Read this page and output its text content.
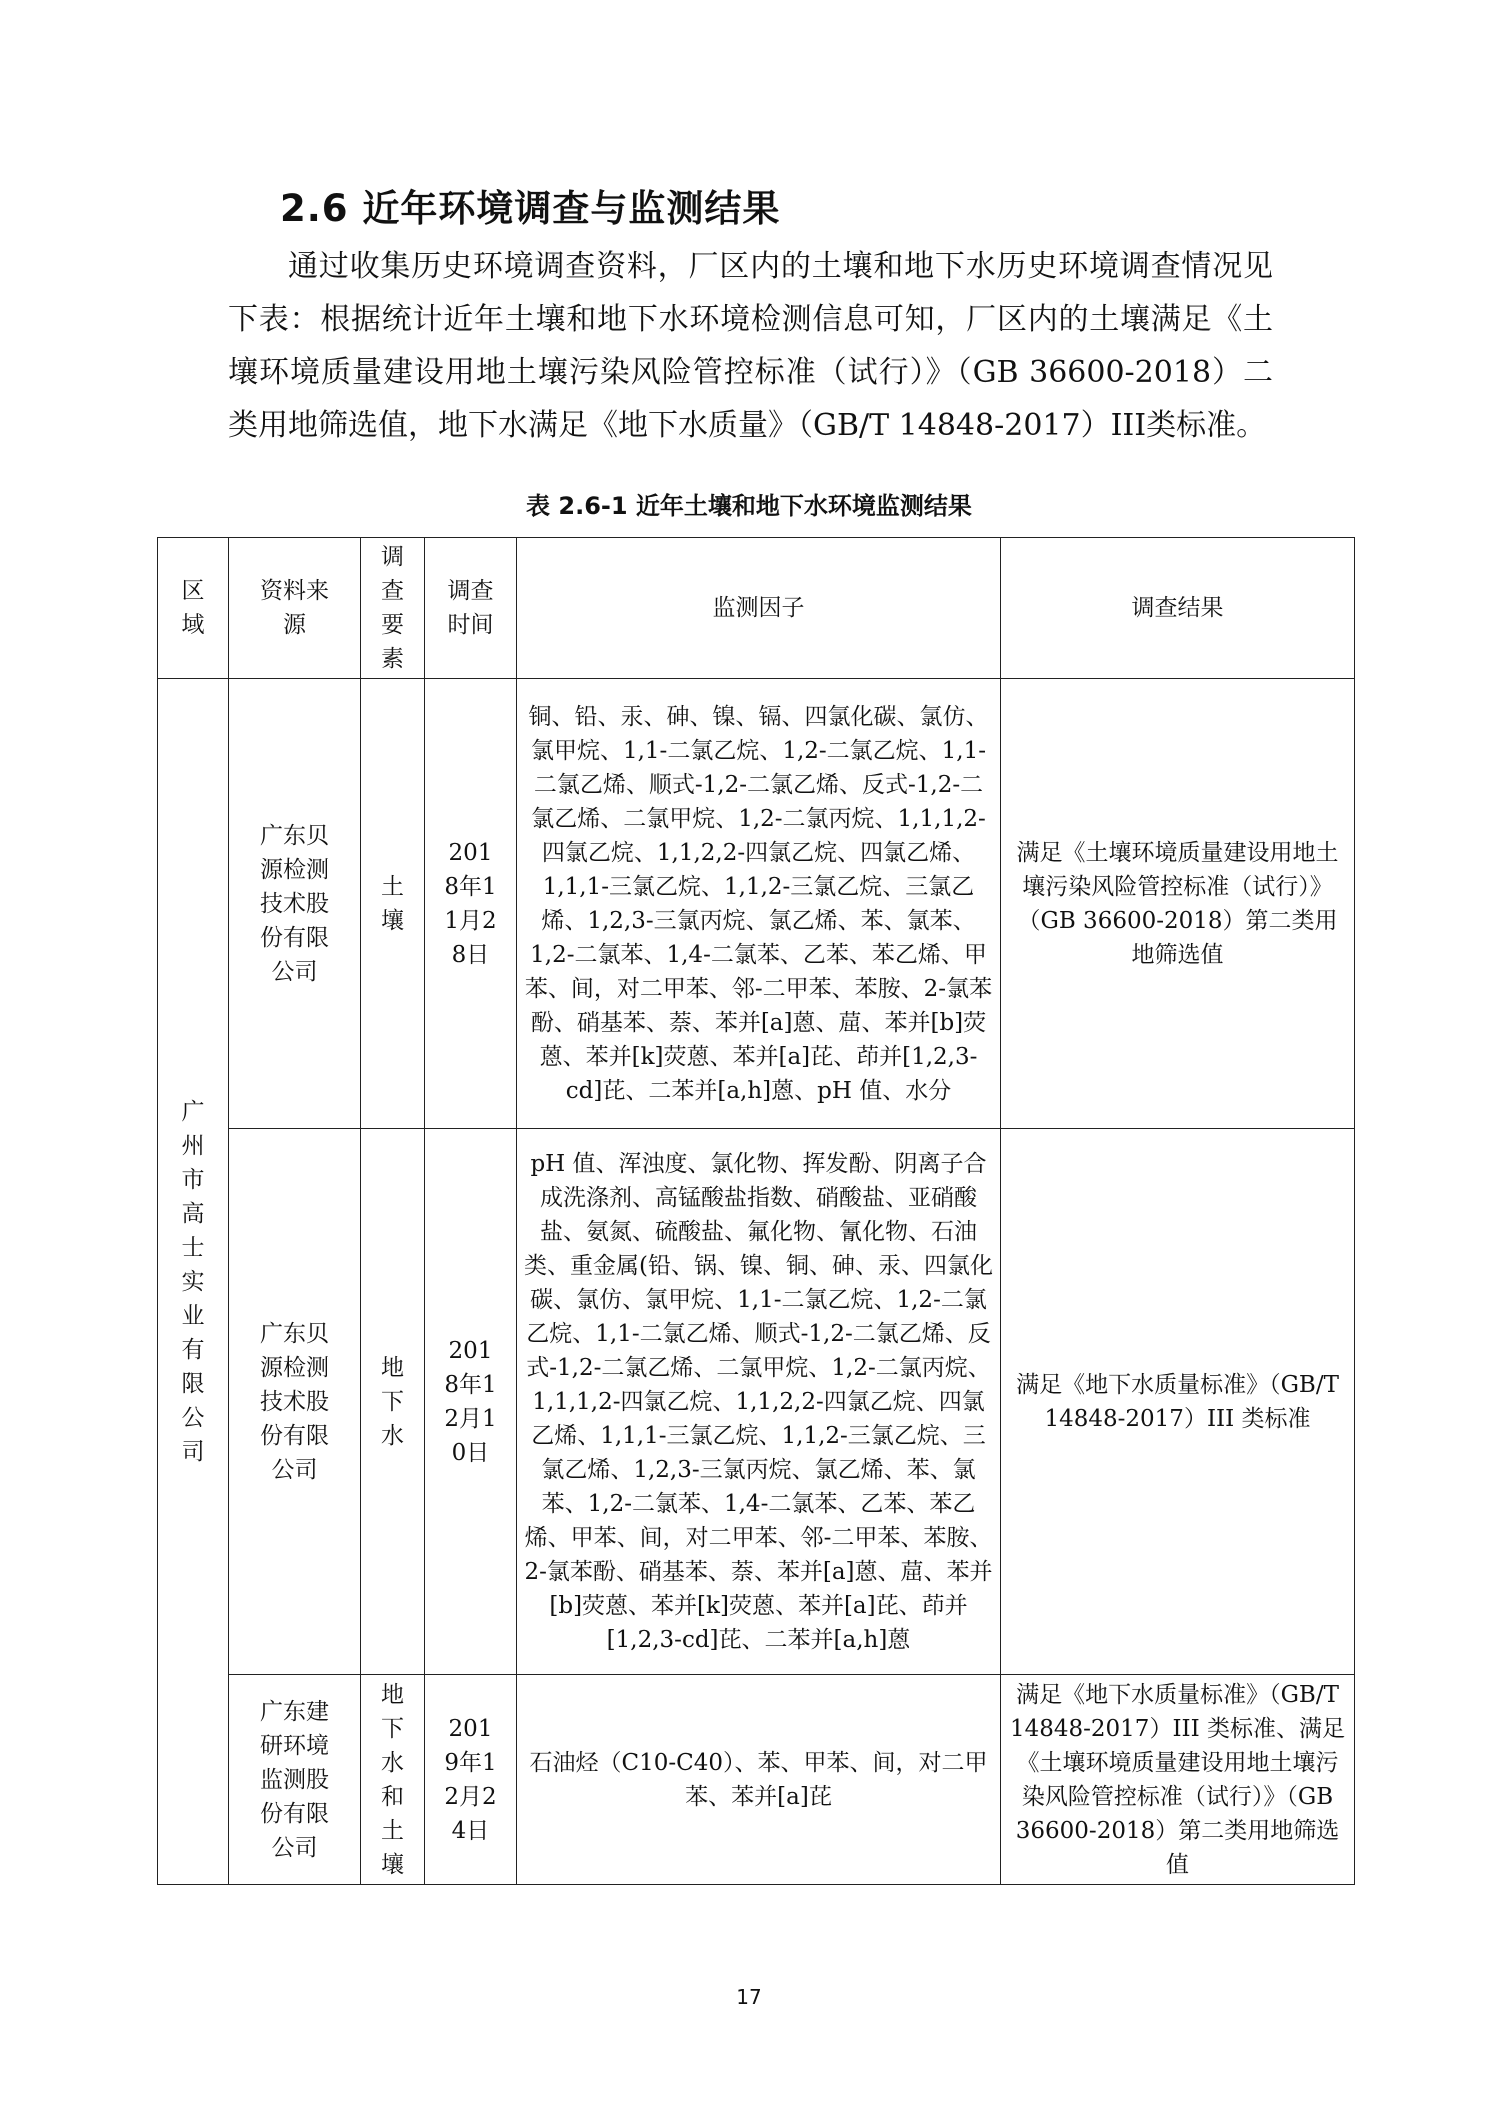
2.6 近年环境调查与监测结果
通过收集历史环境调查资料，厂区内的土壤和地下水历史环境调查情况见下表：根据统计近年土壤和地下水环境检测信息可知，厂区内的土壤满足《土壤环境质量建设用地土壤污染风险管控标准（试行）》（GB 36600-2018）二类用地筛选值，地下水满足《地下水质量》（GB/T 14848-2017）III类标准。
表 2.6-1 近年土壤和地下水环境监测结果
区域	资料来源	调查要素	调查时间	监测因子	调查结果
广州市高士实业有限公司	广东贝源检测技术股份有限公司	土壤	2018年11月28日	铜、铅、汞、砷、镍、镉、四氯化碳、氯仿、氯甲烷、1,1-二氯乙烷、1,2-二氯乙烷、1,1-二氯乙烯、顺式-1,2-二氯乙烯、反式-1,2-二氯乙烯、二氯甲烷、1,2-二氯丙烷、1,1,1,2-四氯乙烷、1,1,2,2-四氯乙烷、四氯乙烯、1,1,1-三氯乙烷、1,1,2-三氯乙烷、三氯乙烯、1,2,3-三氯丙烷、氯乙烯、苯、氯苯、1,2-二氯苯、1,4-二氯苯、乙苯、苯乙烯、甲苯、间，对二甲苯、邻-二甲苯、苯胺、2-氯苯酚、硝基苯、萘、苯并[a]蒽、䓛、苯并[b]荧蒽、苯并[k]荧蒽、苯并[a]芘、茚并[1,2,3-cd]芘、二苯并[a,h]蒽、pH 值、水分	满足《土壤环境质量建设用地土壤污染风险管控标准（试行）》（GB 36600-2018）第二类用地筛选值
	广东贝源检测技术股份有限公司	地下水	2018年12月10日	pH 值、浑浊度、氯化物、挥发酚、阴离子合成洗涤剂、高锰酸盐指数、硝酸盐、亚硝酸盐、氨氮、硫酸盐、氟化物、氰化物、石油类、重金属(铅、锅、镍、铜、砷、汞、四氯化碳、氯仿、氯甲烷、1,1-二氯乙烷、1,2-二氯乙烷、1,1-二氯乙烯、顺式-1,2-二氯乙烯、反式-1,2-二氯乙烯、二氯甲烷、1,2-二氯丙烷、1,1,1,2-四氯乙烷、1,1,2,2-四氯乙烷、四氯乙烯、1,1,1-三氯乙烷、1,1,2-三氯乙烷、三氯乙烯、1,2,3-三氯丙烷、氯乙烯、苯、氯苯、1,2-二氯苯、1,4-二氯苯、乙苯、苯乙烯、甲苯、间，对二甲苯、邻-二甲苯、苯胺、2-氯苯酚、硝基苯、萘、苯并[a]蒽、䓛、苯并[b]荧蒽、苯并[k]荧蒽、苯并[a]芘、茚并[1,2,3-cd]芘、二苯并[a,h]蒽	满足《地下水质量标准》（GB/T 14848-2017）III 类标准
	广东建研环境监测股份有限公司	地下水和土壤	2019年12月24日	石油烃（C10-C40）、苯、甲苯、间，对二甲苯、苯并[a]芘	满足《地下水质量标准》（GB/T 14848-2017）III 类标准、满足《土壤环境质量建设用地土壤污染风险管控标准（试行）》（GB 36600-2018）第二类用地筛选值
17
